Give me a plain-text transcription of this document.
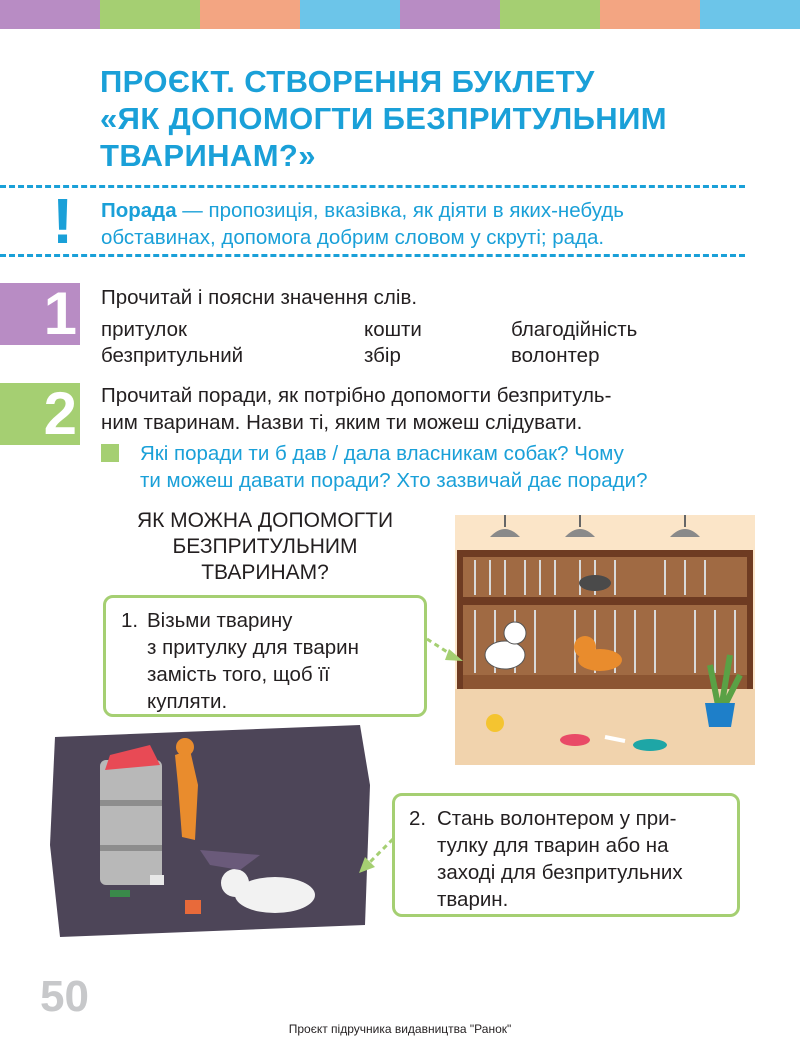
ПРОЄКТ. СТВОРЕННЯ БУКЛЕТУ
«ЯК ДОПОМОГТИ БЕЗПРИТУЛЬНИМ
ТВАРИНАМ?»
! Порада — пропозиція, вказівка, як діяти в яких-небудь обставинах, допомога добрим словом у скруті; рада.
1 Прочитай і поясни значення слів.
притулок	кошти	благодійність
безпритульний	збір	волонтер
2 Прочитай поради, як потрібно допомогти безпритуль-
ним тваринам. Назви ті, яким ти можеш слідувати.
Які поради ти б дав / дала власникам собак? Чому
ти можеш давати поради? Хто зазвичай дає поради?
ЯК МОЖНА ДОПОМОГТИ
БЕЗПРИТУЛЬНИМ
ТВАРИНАМ?
1. Візьми тварину
з притулку для тварин
замість того, щоб її
купляти.
2. Стань волонтером у при-
тулку для тварин або на
заході для безпритульних
тварин.
50
Проєкт підручника видавництва "Ранок"
